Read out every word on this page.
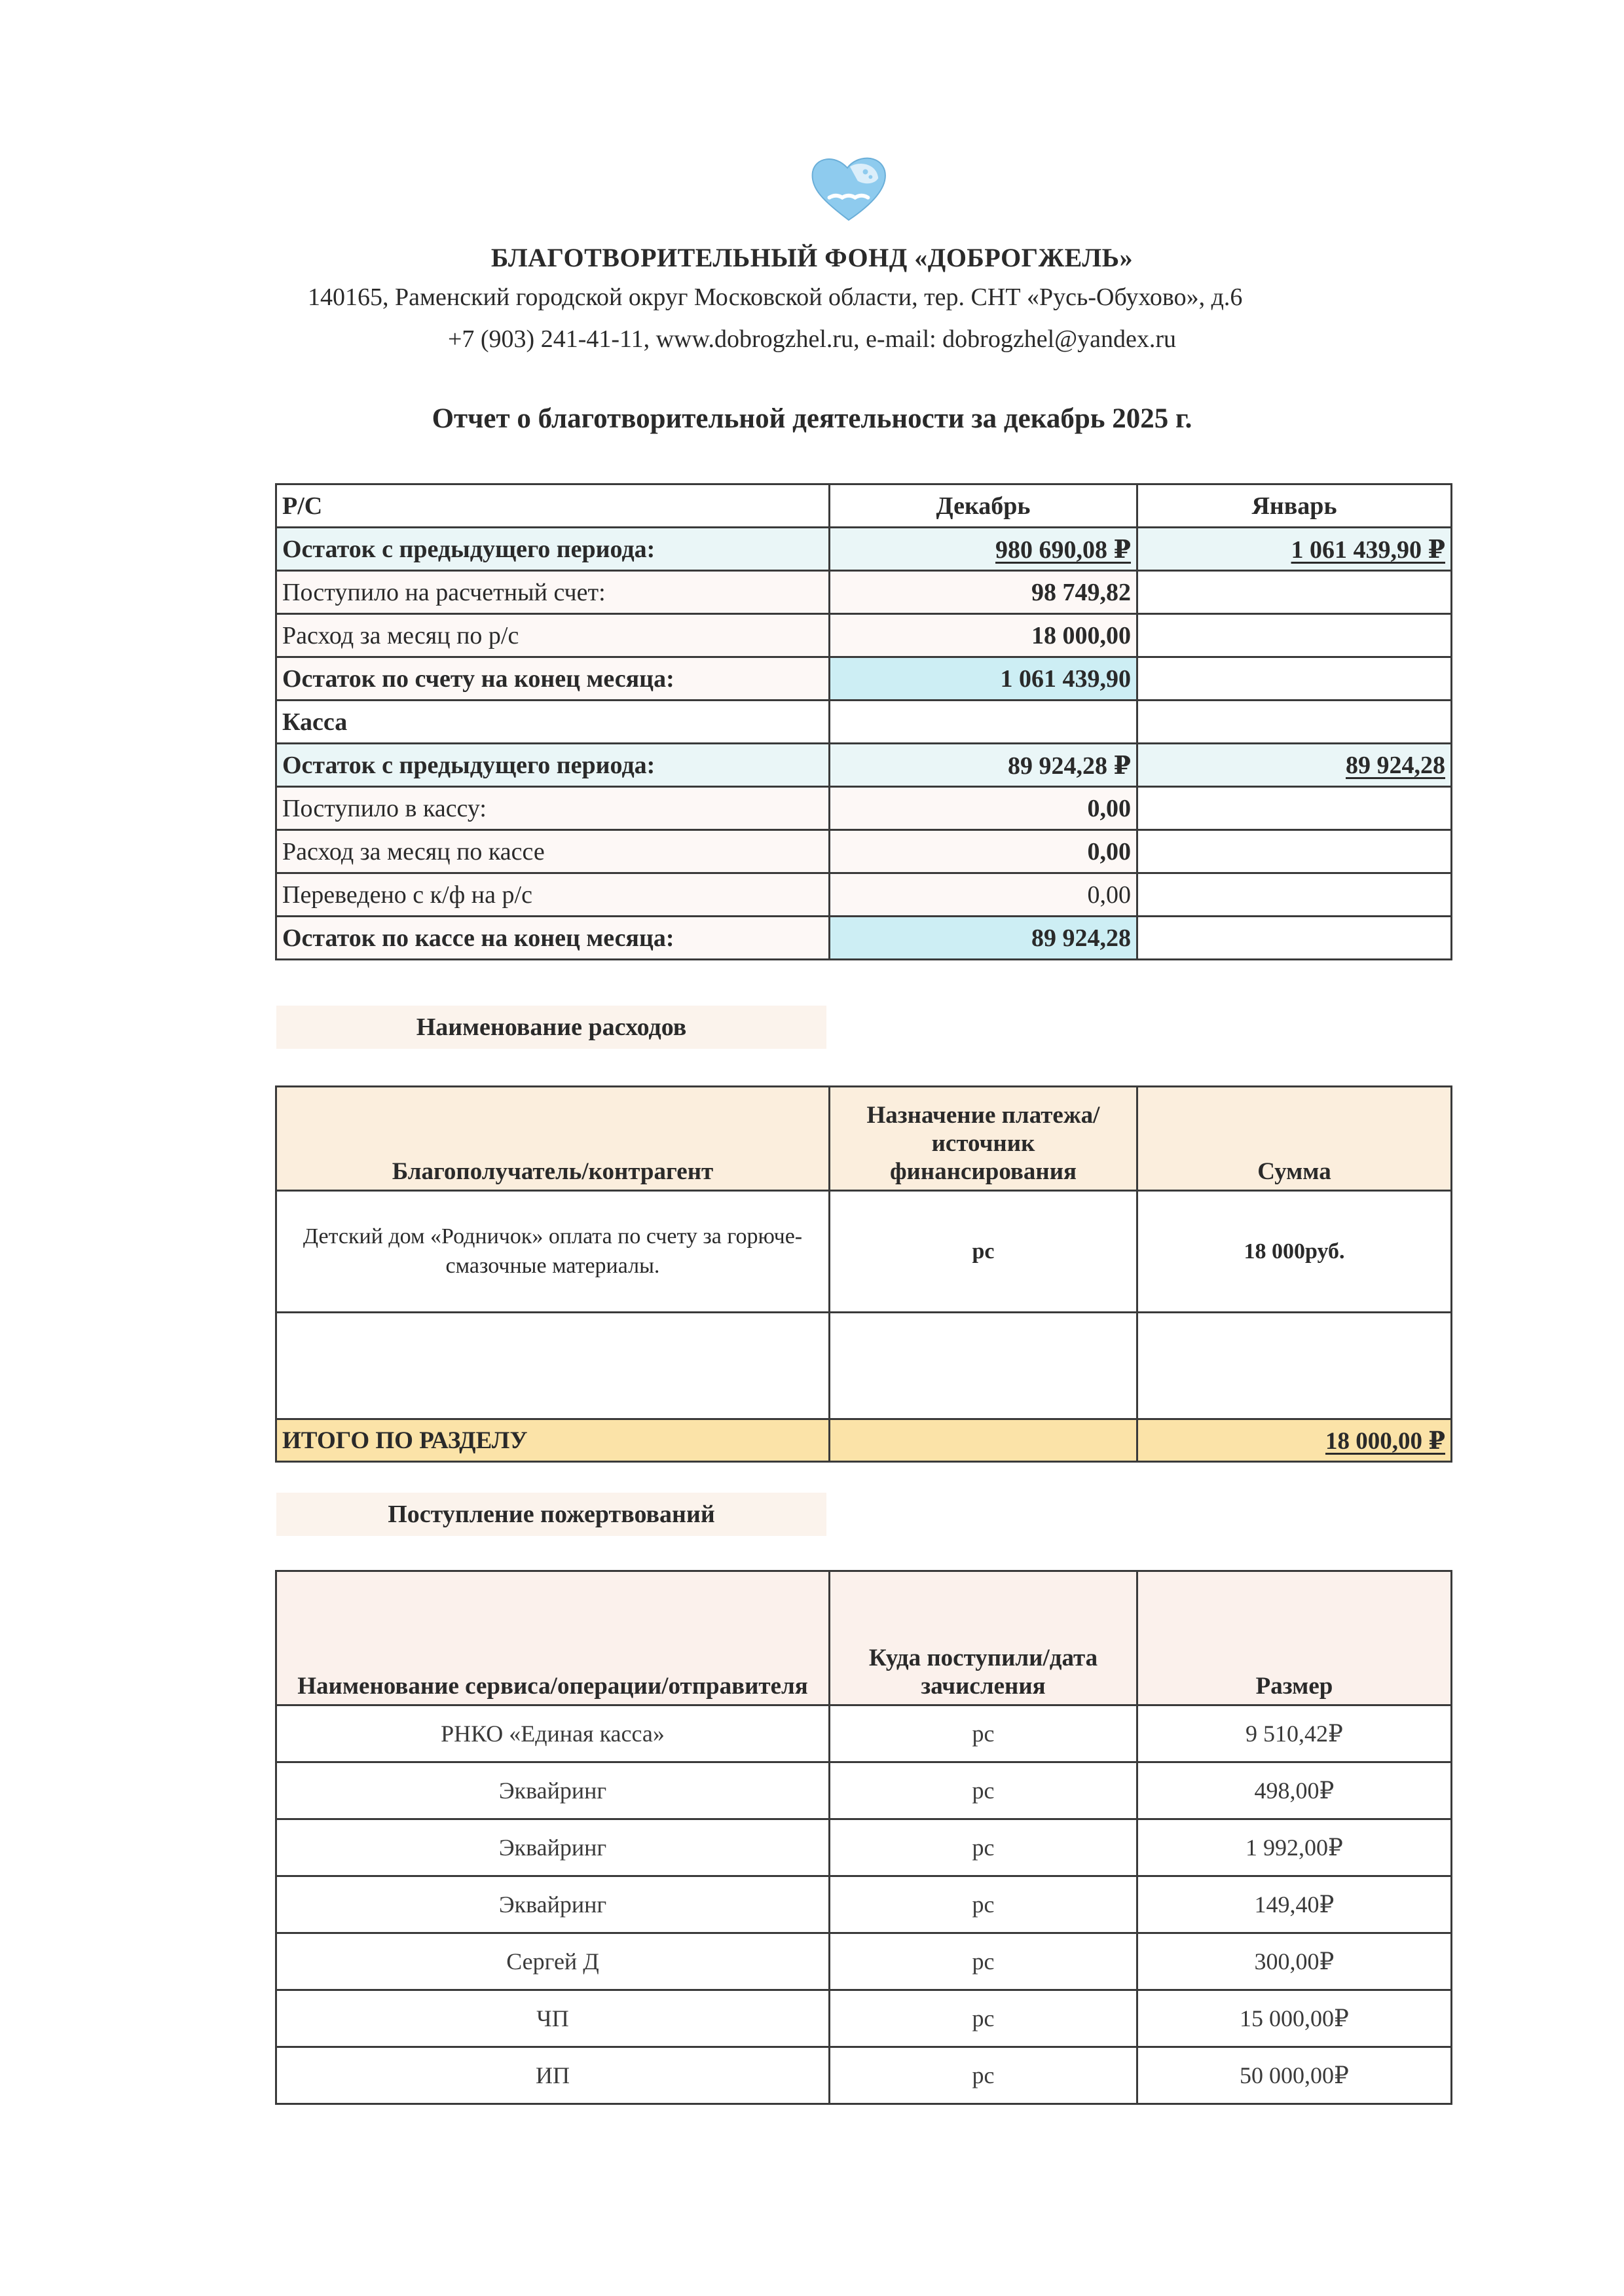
БЛАГОТВОРИТЕЛЬНЫЙ ФОНД «ДОБРОГЖЕЛЬ»
140165, Раменский городской округ Московской области, тер. СНТ «Русь-Обухово», д.6
+7 (903) 241-41-11, www.dobrogzhel.ru, e-mail: dobrogzhel@yandex.ru
Отчет о благотворительной деятельности за декабрь 2025 г.
Р/С	Декабрь	Январь
Остаток с предыдущего периода:	980 690,08 ₽	1 061 439,90 ₽
Поступило на расчетный счет:	98 749,82	
Расход за месяц по р/с	18 000,00	
Остаток по счету на конец месяца:	1 061 439,90	
Касса		
Остаток с предыдущего периода:	89 924,28 ₽	89 924,28
Поступило в кассу:	0,00	
Расход за месяц по кассе	0,00	
Переведено с к/ф на р/с	0,00	
Остаток по кассе на конец месяца:	89 924,28	
Наименование расходов
Благополучатель/контрагент	Назначение платежа/ источник финансирования	Сумма
Детский дом «Родничок» оплата по счету за горюче-смазочные материалы.	рс	18 000руб.

ИТОГО ПО РАЗДЕЛУ		18 000,00 ₽
Поступление пожертвований
Наименование сервиса/операции/отправителя	Куда поступили/дата зачисления	Размер
РНКО «Единая касса»	рс	9 510,42₽
Эквайринг	рс	498,00₽
Эквайринг	рс	1 992,00₽
Эквайринг	рс	149,40₽
Сергей Д	рс	300,00₽
ЧП	рс	15 000,00₽
ИП	рс	50 000,00₽
